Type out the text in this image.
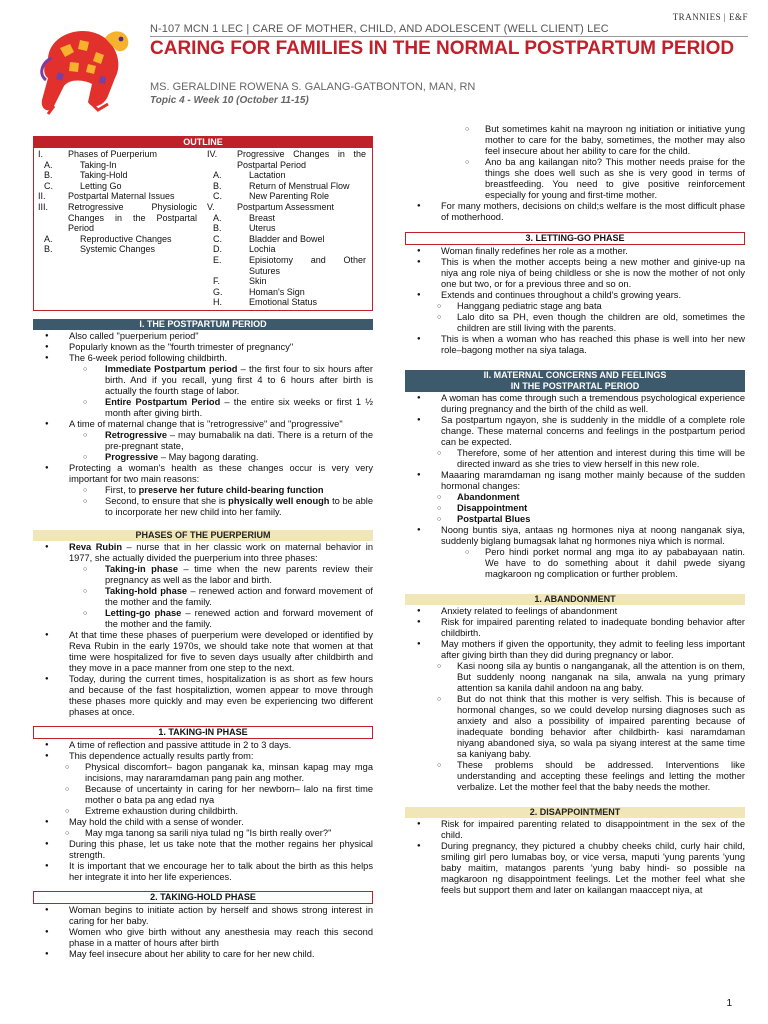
TRANNIES | E&F
N-107 MCN 1 LEC | CARE OF MOTHER, CHILD, AND ADOLESCENT (WELL CLIENT) LEC
CARING FOR FAMILIES IN THE NORMAL POSTPARTUM PERIOD
MS. GERALDINE ROWENA S. GALANG-GATBONTON, MAN, RN
Topic 4 - Week 10 (October 11-15)
OUTLINE
I.	Phases of Puerperium
A.	Taking-In
B.	Taking-Hold
C.	Letting Go
II.	Postpartal Maternal Issues
III.	Retrogressive Physiologic Changes in the Postpartal Period
A.	Reproductive Changes
B.	Systemic Changes
IV.	Progressive Changes in the Postpartal Period
A.	Lactation
B.	Return of Menstrual Flow
C.	New Parenting Role
V.	Postpartum Assessment
A.	Breast
B.	Uterus
C.	Bladder and Bowel
D.	Lochia
E.	Episiotomy and Other Sutures
F.	Skin
G.	Homan's Sign
H.	Emotional Status
I. THE POSTPARTUM PERIOD
● Also called "puerperium period"
● Popularly known as the "fourth trimester of pregnancy"
● The 6-week period following childbirth.
○ Immediate Postpartum period – the first four to six hours after birth. And if you recall, yung first 4 to 6 hours after birth is actually the fourth stage of labor.
○ Entire Postpartum Period – the entire six weeks or first 1 ½ month after giving birth.
● A time of maternal change that is "retrogressive" and "progressive"
○ Retrogressive – may bumabalik na dati. There is a return of the pre-pregnant state,
○ Progressive – May bagong darating.
● Protecting a woman's health as these changes occur is very very important for two main reasons:
○ First, to preserve her future child-bearing function
○ Second, to ensure that she is physically well enough to be able to incorporate her new child into her family.
PHASES OF THE PUERPERIUM
● Reva Rubin – nurse that in her classic work on maternal behavior in 1977, she actually divided the puerperium into three phases:
○ Taking-in phase – time when the new parents review their pregnancy as well as the labor and birth.
○ Taking-hold phase – renewed action and forward movement of the mother and the family.
○ Letting-go phase – renewed action and forward movement of the mother and the family.
● At that time these phases of puerperium were developed or identified by Reva Rubin in the early 1970s, we should take note that women at that time were hospitalized for five to seven days usually after childbirth and they move in a pace manner from one step to the next.
● Today, during the current times, hospitalization is as short as few hours and because of the fast hospitaliztion, women appear to move through these phases more quickly and may even be experiencing two different phases at once.
1. TAKING-IN PHASE
● A time of reflection and passive attitude in 2 to 3 days.
● This dependence actually results partly from:
○ Physical discomfort– bagon panganak ka, minsan kapag may mga incisions, may nararamdaman pang pain ang mother.
○ Because of uncertainty in caring for her newborn– lalo na first time mother o bata pa ang edad nya
○ Extreme exhaustion during childbirth.
● May hold the child with a sense of wonder.
○ May mga tanong sa sarili niya tulad ng "Is birth really over?"
● During this phase, let us take note that the mother regains her physical strength.
● It is important that we encourage her to talk about the birth as this helps her integrate it into her life experiences.
2. TAKING-HOLD PHASE
● Woman begins to initiate action by herself and shows strong interest in caring for her baby.
● Women who give birth without any anesthesia may reach this second phase in a matter of hours after birth
● May feel insecure about her ability to care for her new child.
○ But sometimes kahit na mayroon ng initiation or initiative yung mother to care for the baby, sometimes, the mother may also feel insecure about her ability to care for the child.
○ Ano ba ang kailangan nito? This mother needs praise for the things she does well such as she is very good in terms of breastfeeding. You need to give positive reinforcement especially for young and first-time mother.
● For many mothers, decisions on child;s welfare is the most difficult phase of motherhood.
3. LETTING-GO PHASE
● Woman finally redefines her role as a mother.
● This is when the mother accepts being a new mother and ginive-up na niya ang role niya of being childless or she is now the mother of not only one but two, or for a previous three and so on.
● Extends and continues throughout a child's growing years.
○ Hanggang pediatric stage ang bata
○ Lalo dito sa PH, even though the children are old, sometimes the children are still living with the parents.
● This is when a woman who has reached this phase is well into her new role–bagong mother na siya talaga.
II. MATERNAL CONCERNS AND FEELINGS
IN THE POSTPARTAL PERIOD
● A woman has come through such a tremendous psychological experience during pregnancy and the birth of the child as well.
● Sa postpartum ngayon, she is suddenly in the middle of a complete role change. These maternal concerns and feelings in the postpartum period can be expected.
○ Therefore, some of her attention and interest during this time will be directed inward as she tries to view herself in this new role.
● Maaaring maramdaman ng isang mother mainly because of the sudden hormonal changes:
○ Abandonment
○ Disappointment
○ Postpartal Blues
● Noong buntis siya, antaas ng hormones niya at noong nanganak siya, suddenly biglang bumagsak lahat ng hormones niya which is normal.
○ Pero hindi porket normal ang mga ito ay pababayaan natin. We have to do something about it dahil pwede siyang magkaroon ng complication or further problem.
1. ABANDONMENT
● Anxiety related to feelings of abandonment
● Risk for impaired parenting related to inadequate bonding behavior after childbirth.
● May mothers if given the opportunity, they admit to feeling less important after giving birth than they did during pregnancy or labor.
○ Kasi noong sila ay buntis o nanganganak, all the attention is on them, But suddenly noong nanganak na sila, anwala na yung primary attention sa kanila dahil andoon na ang baby.
○ But do not think that this mother is very selfish. This is because of hormonal changes, so we could develop nursing diagnoses such as anxiety and also a possibility of impaired parenting because of inadequate bonding behavior after childbirth- kasi naramdaman niyang abandoned siya, so wala pa siyang interest at the same time sa kaniyang baby.
○ These problems should be addressed. Interventions like understanding and accepting these feelings and letting the mother verbalize. Let the mother feel that the baby needs the mother.
2. DISAPPOINTMENT
● Risk for impaired parenting related to disappointment in the sex of the child.
● During pregnancy, they pictured a chubby cheeks child, curly hair child, smiling girl pero lumabas boy, or vice versa, maputi 'yung parents 'yung baby maitim, matangos parents 'yung baby hindi- so possible na magkaroon ng disappointment feelings. Let the mother feel what she feels but support them and later on kailangan maaccept niya, at
1
